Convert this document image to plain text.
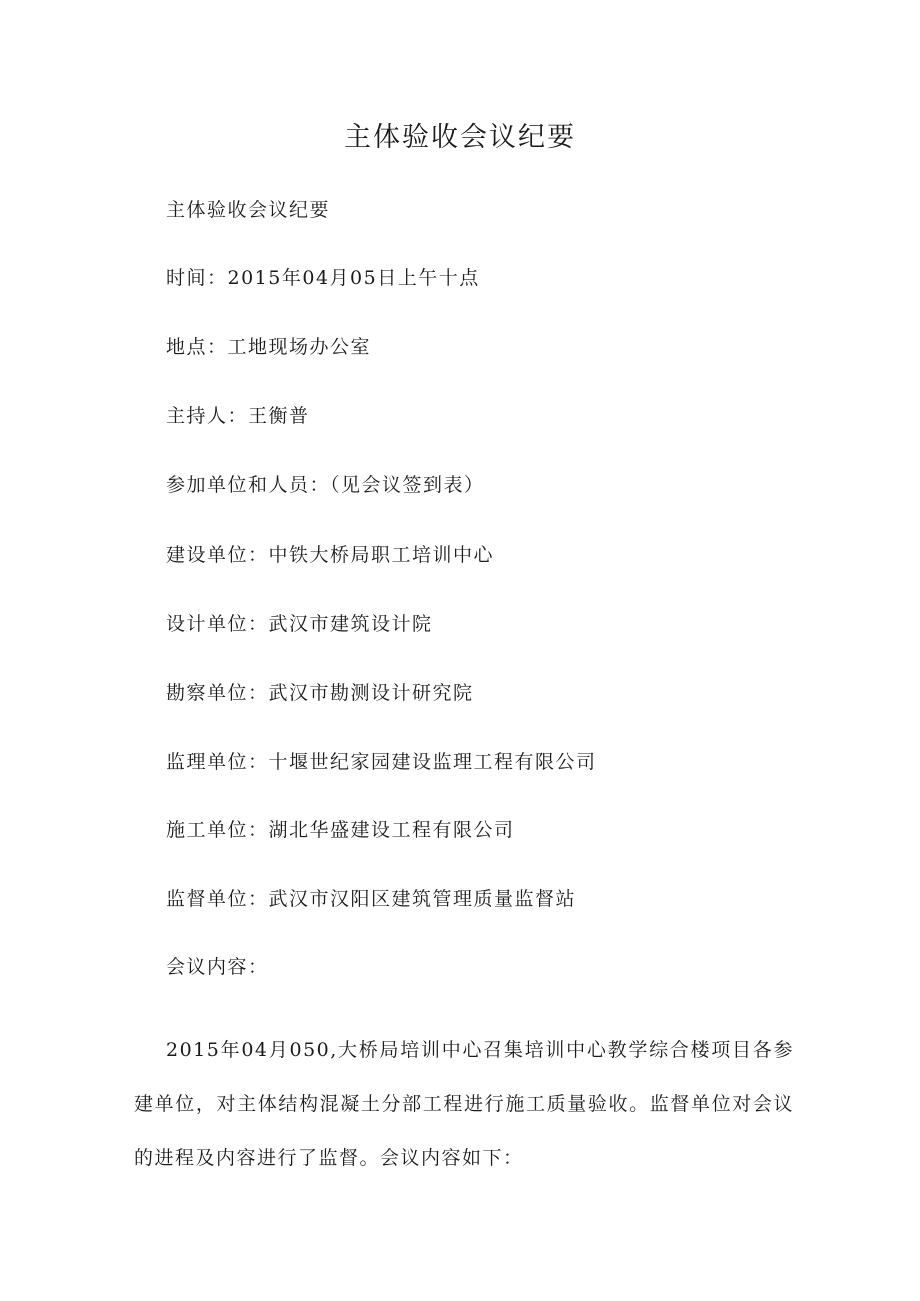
主体验收会议纪要

主体验收会议纪要

时间：2015年04月05日上午十点

地点：工地现场办公室

主持人：王衡普

参加单位和人员：（见会议签到表）

建设单位：中铁大桥局职工培训中心

设计单位：武汉市建筑设计院

勘察单位：武汉市勘测设计研究院

监理单位：十堰世纪家园建设监理工程有限公司

施工单位：湖北华盛建设工程有限公司

监督单位：武汉市汉阳区建筑管理质量监督站

会议内容：

2015年04月050,大桥局培训中心召集培训中心教学综合楼项目各参建单位，对主体结构混凝土分部工程进行施工质量验收。监督单位对会议的进程及内容进行了监督。会议内容如下：
